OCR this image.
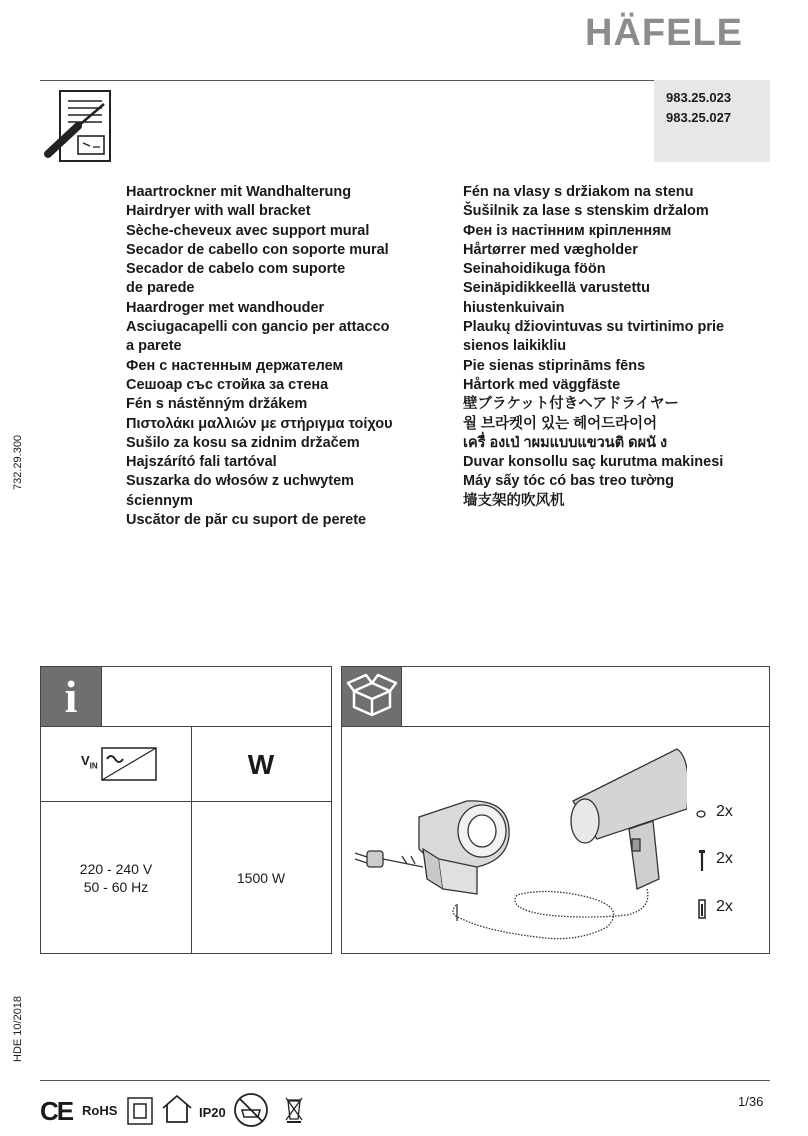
HÄFELE
983.25.023
983.25.027
Haartrockner mit Wandhalterung
Hairdryer with wall bracket
Sèche-cheveux avec support mural
Secador de cabello con soporte mural
Secador de cabelo com suporte
de parede
Haardroger met wandhouder
Asciugacapelli con gancio per attacco
a parete
Фен с настенным держателем
Сешоар със стойка за стена
Fén s nástěnným držákem
Πιστολάκι μαλλιών με στήριγμα τοίχου
Sušilo za kosu sa zidnim držačem
Hajszárító fali tartóval
Suszarka do włosów z uchwytem
ściennym
Uscător de păr cu suport de perete
Fén na vlasy s držiakom na stenu
Šušilnik za lase s stenskim držalom
Фен із настінним кріпленням
Hårtørrer med vægholder
Seinahoidikuga föön
Seinäpidikkeellä varustettu
hiustenkuivain
Plaukų džiovintuvas su tvirtinimo prie
sienos laikikliu
Pie sienas stiprināms fēns
Hårtork med väggfäste
壁ブラケット付きヘアドライヤー
월 브라켓이 있는 헤어드라이어
เครื่ องเป่ าผมแบบแขวนติ ดผนั ง
Duvar konsollu saç kurutma makinesi
Máy sấy tóc có bas treo tường
墙支架的吹风机
732.29.300
HDE 10/2018
i
$V_{IN}$	W
220 - 240 V
50 - 60 Hz
1500 W
2x
2x
2x
CE RoHS	IP20
1/36
